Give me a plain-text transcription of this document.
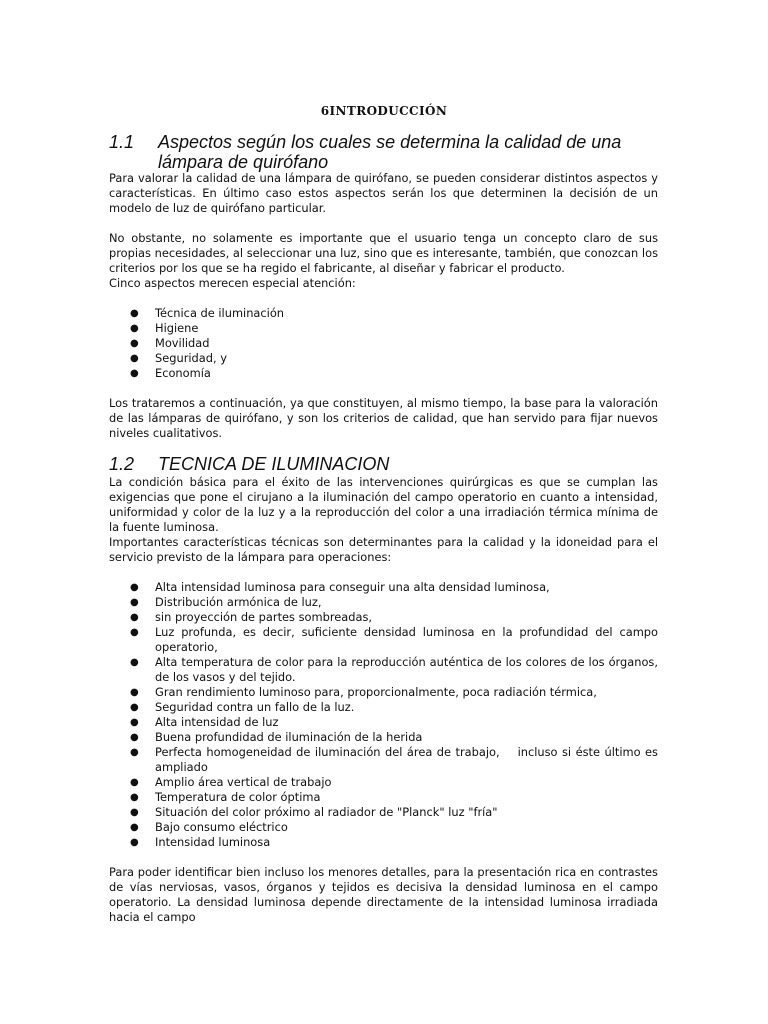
6INTRODUCCIÓN
1.1 Aspectos según los cuales se determina la calidad de una
lámpara de quirófano

Para valorar la calidad de una lámpara de quirófano, se pueden considerar distintos aspectos y características. En último caso estos aspectos serán los que determinen la decisión de un modelo de luz de quirófano particular.

No obstante, no solamente es importante que el usuario tenga un concepto claro de sus propias necesidades, al seleccionar una luz, sino que es interesante, también, que conozcan los criterios por los que se ha regido el fabricante, al diseñar y fabricar el producto.

Cinco aspectos merecen especial atención:

● Técnica de iluminación
● Higiene
● Movilidad
● Seguridad, y
● Economía

Los trataremos a continuación, ya que constituyen, al mismo tiempo, la base para la valoración de las lámparas de quirófano, y son los criterios de calidad, que han servido para fijar nuevos niveles cualitativos.

1.2 TECNICA DE ILUMINACION

La condición básica para el éxito de las intervenciones quirúrgicas es que se cumplan las exigencias que pone el cirujano a la iluminación del campo operatorio en cuanto a intensidad, uniformidad y color de la luz y a la reproducción del color a una irradiación térmica mínima de la fuente luminosa.

Importantes características técnicas son determinantes para la calidad y la idoneidad para el servicio previsto de la lámpara para operaciones:

● Alta intensidad luminosa para conseguir una alta densidad luminosa,
● Distribución armónica de luz,
● sin proyección de partes sombreadas,
● Luz profunda, es decir, suficiente densidad luminosa en la profundidad del campo operatorio,
● Alta temperatura de color para la reproducción auténtica de los colores de los órganos, de los vasos y del tejido.
● Gran rendimiento luminoso para, proporcionalmente, poca radiación térmica,
● Seguridad contra un fallo de la luz.
● Alta intensidad de luz
● Buena profundidad de iluminación de la herida
● Perfecta homogeneidad de iluminación del área de trabajo,    incluso si éste último es ampliado
● Amplio área vertical de trabajo
● Temperatura de color óptima
● Situación del color próximo al radiador de "Planck" luz "fría"
● Bajo consumo eléctrico
● Intensidad luminosa

Para poder identificar bien incluso los menores detalles, para la presentación rica en contrastes de vías nerviosas, vasos, órganos y tejidos es decisiva la densidad luminosa en el campo operatorio. La densidad luminosa depende directamente de la intensidad luminosa irradiada hacia el campo
